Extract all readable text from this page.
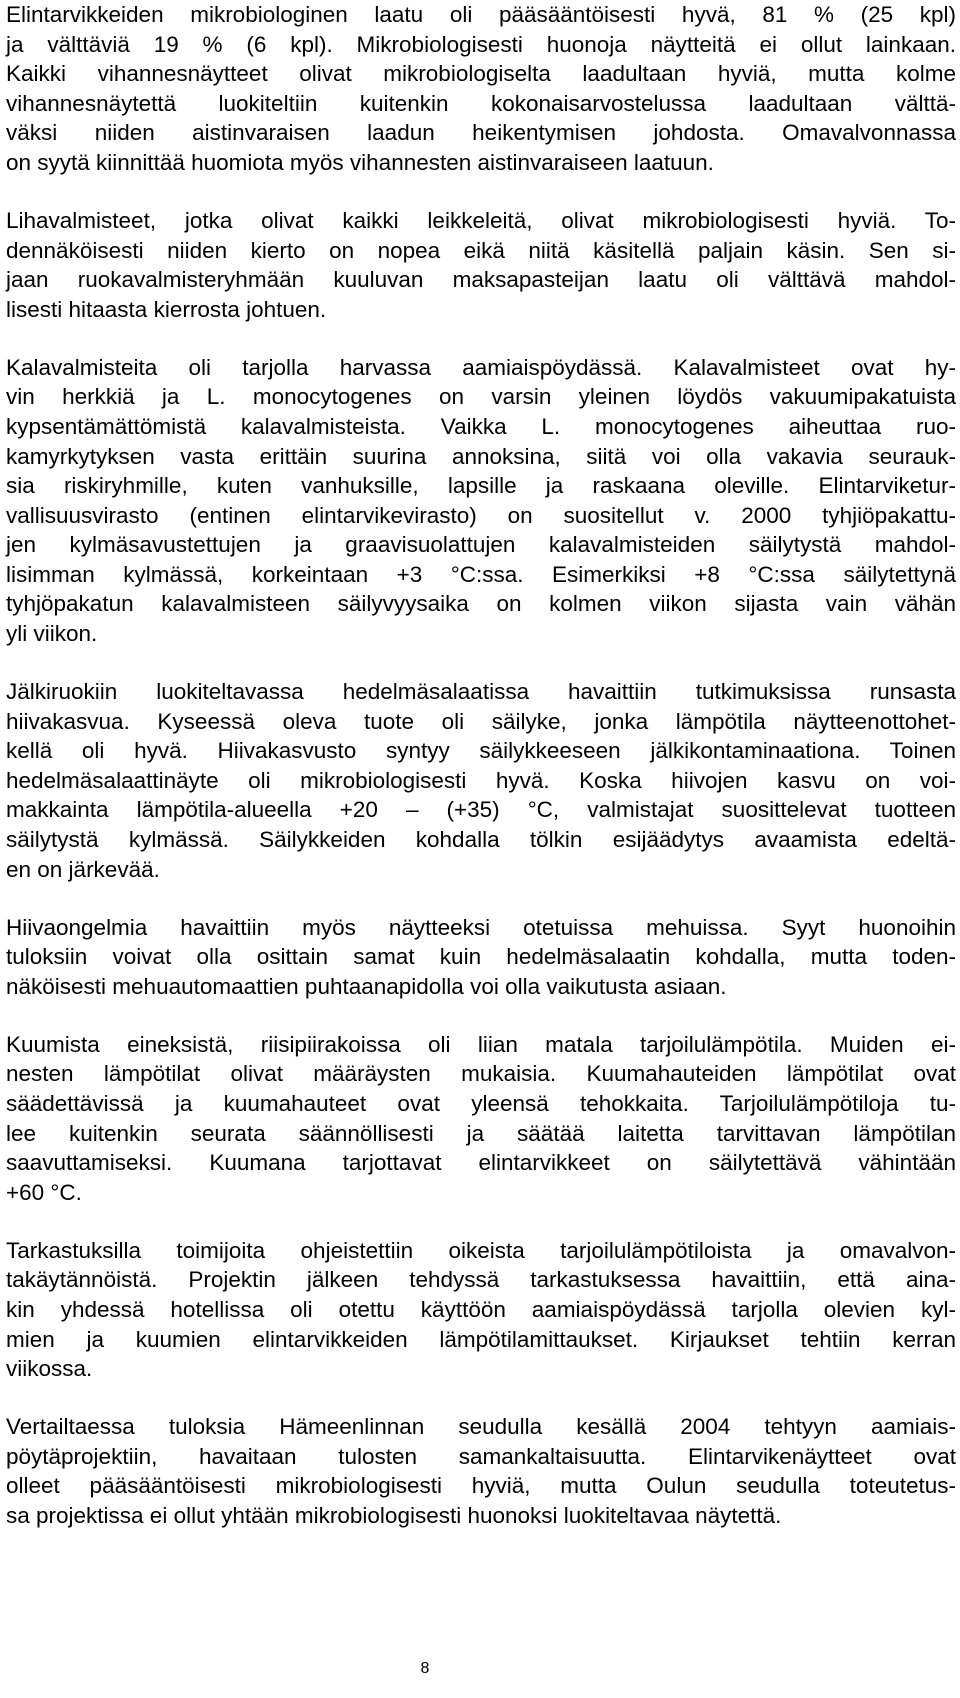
Elintarvikkeiden mikrobiologinen laatu oli pääsääntöisesti hyvä, 81 % (25 kpl)
ja välttäviä 19 % (6 kpl). Mikrobiologisesti huonoja näytteitä ei ollut lainkaan.
Kaikki vihannesnäytteet olivat mikrobiologiselta laadultaan hyviä, mutta kolme
vihannesnäytettä luokiteltiin kuitenkin kokonaisarvostelussa laadultaan välttä-
väksi niiden aistinvaraisen laadun heikentymisen johdosta. Omavalvonnassa
on syytä kiinnittää huomiota myös vihannesten aistinvaraiseen laatuun.
Lihavalmisteet, jotka olivat kaikki leikkeleitä, olivat mikrobiologisesti hyviä. To-
dennäköisesti niiden kierto on nopea eikä niitä käsitellä paljain käsin. Sen si-
jaan ruokavalmisteryhmään kuuluvan maksapasteijan laatu oli välttävä mahdol-
lisesti hitaasta kierrosta johtuen.
Kalavalmisteita oli tarjolla harvassa aamiaispöydässä. Kalavalmisteet ovat hy-
vin herkkiä ja L. monocytogenes on varsin yleinen löydös vakuumipakatuista
kypsentämättömistä kalavalmisteista. Vaikka L. monocytogenes aiheuttaa ruo-
kamyrkytyksen vasta erittäin suurina annoksina, siitä voi olla vakavia seurauk-
sia riskiryhmille, kuten vanhuksille, lapsille ja raskaana oleville. Elintarviketur-
vallisuusvirasto (entinen elintarvikevirasto) on suositellut v. 2000 tyhjiöpakattu-
jen kylmäsavustettujen ja graavisuolattujen kalavalmisteiden säilytystä mahdol-
lisimman kylmässä, korkeintaan +3 °C:ssa. Esimerkiksi +8 °C:ssa säilytettynä
tyhjöpakatun kalavalmisteen säilyvyysaika on kolmen viikon sijasta vain vähän
yli viikon.
Jälkiruokiin luokiteltavassa hedelmäsalaatissa havaittiin tutkimuksissa runsasta
hiivakasvua. Kyseessä oleva tuote oli säilyke, jonka lämpötila näytteenottohet-
kellä oli hyvä. Hiivakasvusto syntyy säilykkeeseen jälkikontaminaationa. Toinen
hedelmäsalaattinäyte oli mikrobiologisesti hyvä. Koska hiivojen kasvu on voi-
makkainta lämpötila-alueella +20 – (+35) °C, valmistajat suosittelevat tuotteen
säilytystä kylmässä. Säilykkeiden kohdalla tölkin esijäädytys avaamista edeltä-
en on järkevää.
Hiivaongelmia havaittiin myös näytteeksi otetuissa mehuissa. Syyt huonoihin
tuloksiin voivat olla osittain samat kuin hedelmäsalaatin kohdalla, mutta toden-
näköisesti mehuautomaattien puhtaanapidolla voi olla vaikutusta asiaan.
Kuumista eineksistä, riisipiirakoissa oli liian matala tarjoilulämpötila. Muiden ei-
nesten lämpötilat olivat määräysten mukaisia. Kuumahauteiden lämpötilat ovat
säädettävissä ja kuumahauteet ovat yleensä tehokkaita. Tarjoilulämpötiloja tu-
lee kuitenkin seurata säännöllisesti ja säätää laitetta tarvittavan lämpötilan
saavuttamiseksi. Kuumana tarjottavat elintarvikkeet on säilytettävä vähintään
+60 °C.
Tarkastuksilla toimijoita ohjeistettiin oikeista tarjoilulämpötiloista ja omavalvon-
takäytännöistä. Projektin jälkeen tehdyssä tarkastuksessa havaittiin, että aina-
kin yhdessä hotellissa oli otettu käyttöön aamiaispöydässä tarjolla olevien kyl-
mien ja kuumien elintarvikkeiden lämpötilamittaukset. Kirjaukset tehtiin kerran
viikossa.
Vertailtaessa tuloksia Hämeenlinnan seudulla kesällä 2004 tehtyyn aamiais-
pöytäprojektiin, havaitaan tulosten samankaltaisuutta. Elintarvikenäytteet ovat
olleet pääsääntöisesti mikrobiologisesti hyviä, mutta Oulun seudulla toteutetus-
sa projektissa ei ollut yhtään mikrobiologisesti huonoksi luokiteltavaa näytettä.
8
